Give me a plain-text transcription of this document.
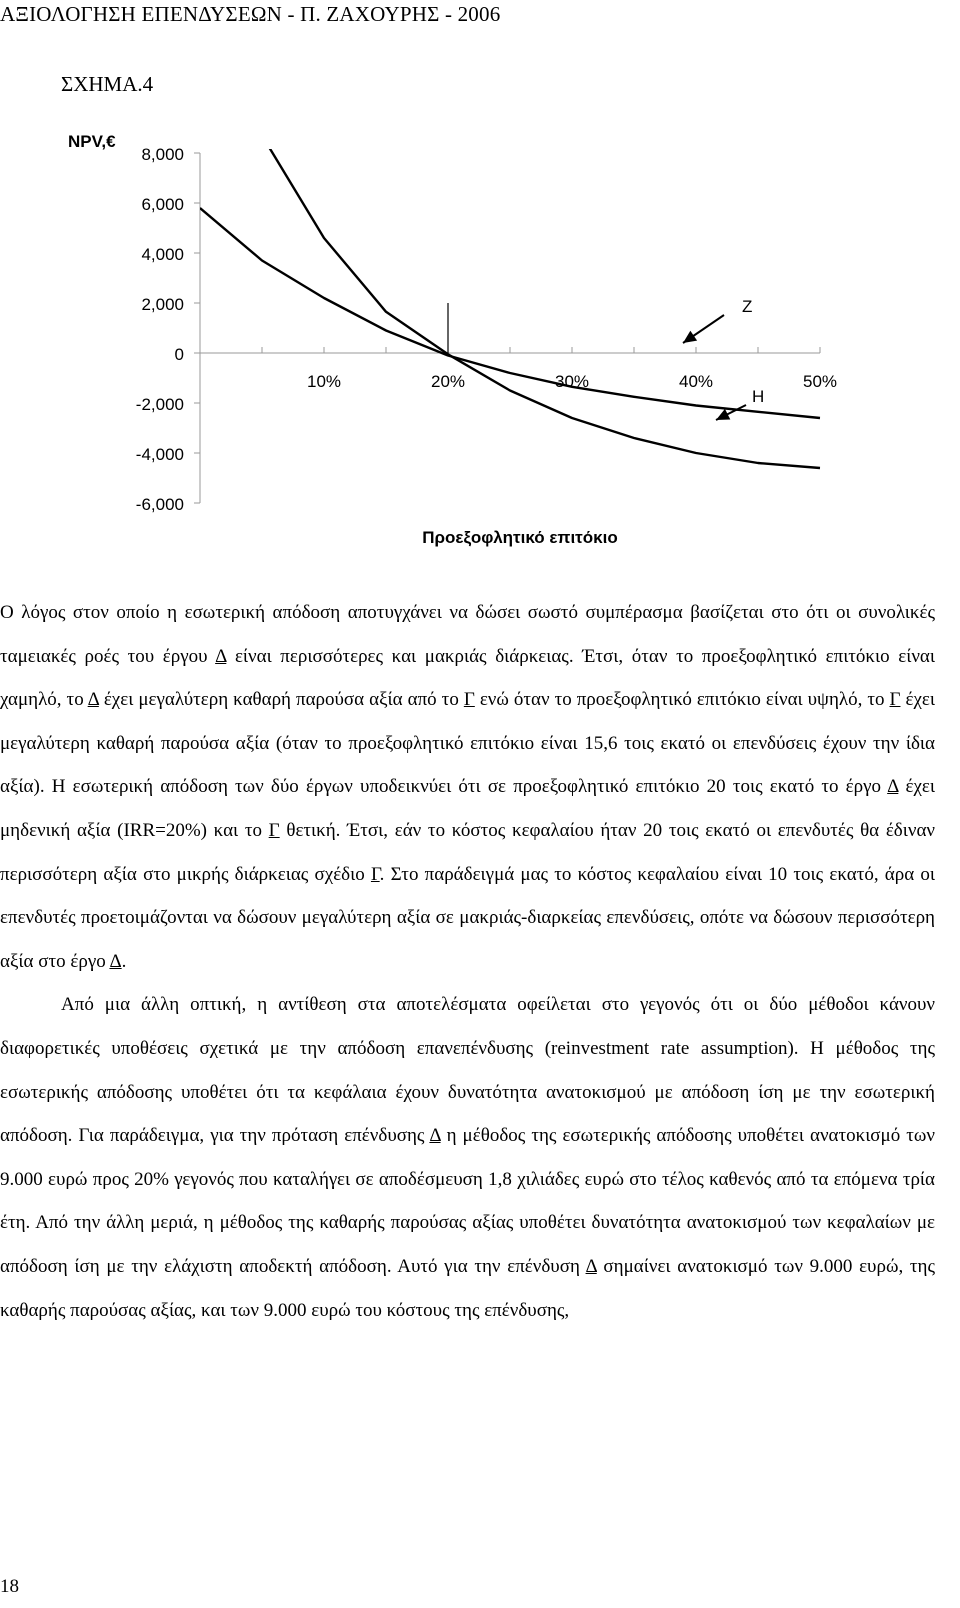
ΑΞΙΟΛΟΓΗΣΗ ΕΠΕΝΔΥΣΕΩΝ - Π. ΖΑΧΟΥΡΗΣ - 2006
ΣΧΗΜΑ.4
8,000
6,000
4,000
2,000
0
-2,000
-4,000
-6,000
NPV,€
10%	20%	30%	40%	50%
Προεξοφλητικό επιτόκιο
Z
H

Ο λόγος στον οποίο η εσωτερική απόδοση αποτυγχάνει να δώσει σωστό συμπέρασμα βασίζεται στο ότι οι συνολικές ταμειακές ροές του έργου Δ είναι περισσότερες και μακριάς διάρκειας. Έτσι, όταν το προεξοφλητικό επιτόκιο είναι χαμηλό, το Δ έχει μεγαλύτερη καθαρή παρούσα αξία από το Γ ενώ όταν το προεξοφλητικό επιτόκιο είναι υψηλό, το Γ έχει μεγαλύτερη καθαρή παρούσα αξία (όταν το προεξοφλητικό επιτόκιο είναι 15,6 τοις εκατό οι επενδύσεις έχουν την ίδια αξία). Η εσωτερική απόδοση των δύο έργων υποδεικνύει ότι σε προεξοφλητικό επιτόκιο 20 τοις εκατό το έργο Δ έχει μηδενική αξία (IRR=20%) και το Γ θετική. Έτσι, εάν το κόστος κεφαλαίου ήταν 20 τοις εκατό οι επενδυτές θα έδιναν περισσότερη αξία στο μικρής διάρκειας σχέδιο Γ. Στο παράδειγμά μας το κόστος κεφαλαίου είναι 10 τοις εκατό, άρα οι επενδυτές προετοιμάζονται να δώσουν μεγαλύτερη αξία σε μακριάς-διαρκείας επενδύσεις, οπότε να δώσουν περισσότερη αξία στο έργο Δ.

Από μια άλλη οπτική, η αντίθεση στα αποτελέσματα οφείλεται στο γεγονός ότι οι δύο μέθοδοι κάνουν διαφορετικές υποθέσεις σχετικά με την απόδοση επανεπένδυσης (reinvestment rate assumption). Η μέθοδος της εσωτερικής απόδοσης υποθέτει ότι τα κεφάλαια έχουν δυνατότητα ανατοκισμού με απόδοση ίση με την εσωτερική απόδοση. Για παράδειγμα, για την πρόταση επένδυσης Δ η μέθοδος της εσωτερικής απόδοσης υποθέτει ανατοκισμό των 9.000 ευρώ προς 20% γεγονός που καταλήγει σε αποδέσμευση 1,8 χιλιάδες ευρώ στο τέλος καθενός από τα επόμενα τρία έτη. Από την άλλη μεριά, η μέθοδος της καθαρής παρούσας αξίας υποθέτει δυνατότητα ανατοκισμού των κεφαλαίων με απόδοση ίση με την ελάχιστη αποδεκτή απόδοση. Αυτό για την επένδυση Δ σημαίνει ανατοκισμό των 9.000 ευρώ, της καθαρής παρούσας αξίας, και των 9.000 ευρώ του κόστους της επένδυσης,

18
